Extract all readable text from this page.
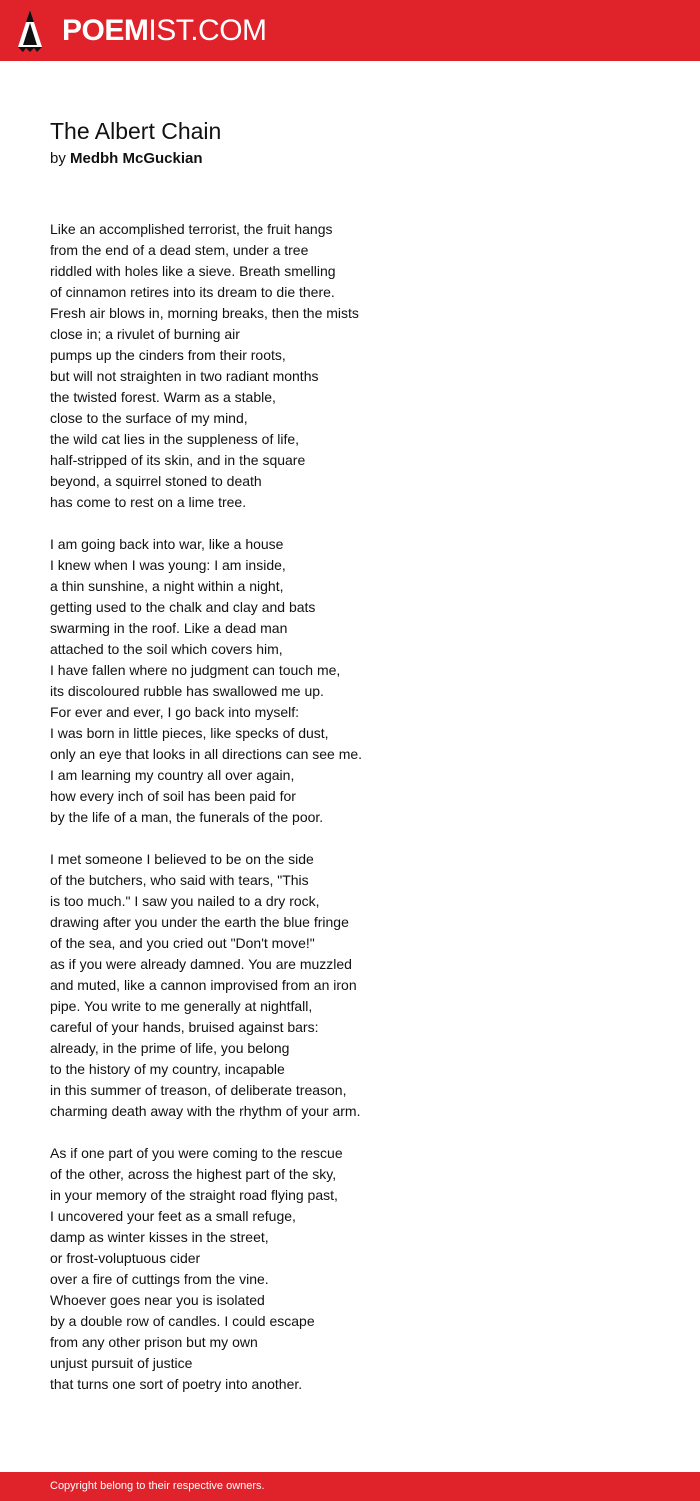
POEMIST.COM
The Albert Chain
by Medbh McGuckian
Like an accomplished terrorist, the fruit hangs
from the end of a dead stem, under a tree
riddled with holes like a sieve. Breath smelling
of cinnamon retires into its dream to die there.
Fresh air blows in, morning breaks, then the mists
close in; a rivulet of burning air
pumps up the cinders from their roots,
but will not straighten in two radiant months
the twisted forest. Warm as a stable,
close to the surface of my mind,
the wild cat lies in the suppleness of life,
half-stripped of its skin, and in the square
beyond, a squirrel stoned to death
has come to rest on a lime tree.
I am going back into war, like a house
I knew when I was young: I am inside,
a thin sunshine, a night within a night,
getting used to the chalk and clay and bats
swarming in the roof. Like a dead man
attached to the soil which covers him,
I have fallen where no judgment can touch me,
its discoloured rubble has swallowed me up.
For ever and ever, I go back into myself:
I was born in little pieces, like specks of dust,
only an eye that looks in all directions can see me.
I am learning my country all over again,
how every inch of soil has been paid for
by the life of a man, the funerals of the poor.
I met someone I believed to be on the side
of the butchers, who said with tears, "This
is too much." I saw you nailed to a dry rock,
drawing after you under the earth the blue fringe
of the sea, and you cried out "Don't move!"
as if you were already damned. You are muzzled
and muted, like a cannon improvised from an iron
pipe. You write to me generally at nightfall,
careful of your hands, bruised against bars:
already, in the prime of life, you belong
to the history of my country, incapable
in this summer of treason, of deliberate treason,
charming death away with the rhythm of your arm.
As if one part of you were coming to the rescue
of the other, across the highest part of the sky,
in your memory of the straight road flying past,
I uncovered your feet as a small refuge,
damp as winter kisses in the street,
or frost-voluptuous cider
over a fire of cuttings from the vine.
Whoever goes near you is isolated
by a double row of candles. I could escape
from any other prison but my own
unjust pursuit of justice
that turns one sort of poetry into another.
Copyright belong to their respective owners.
